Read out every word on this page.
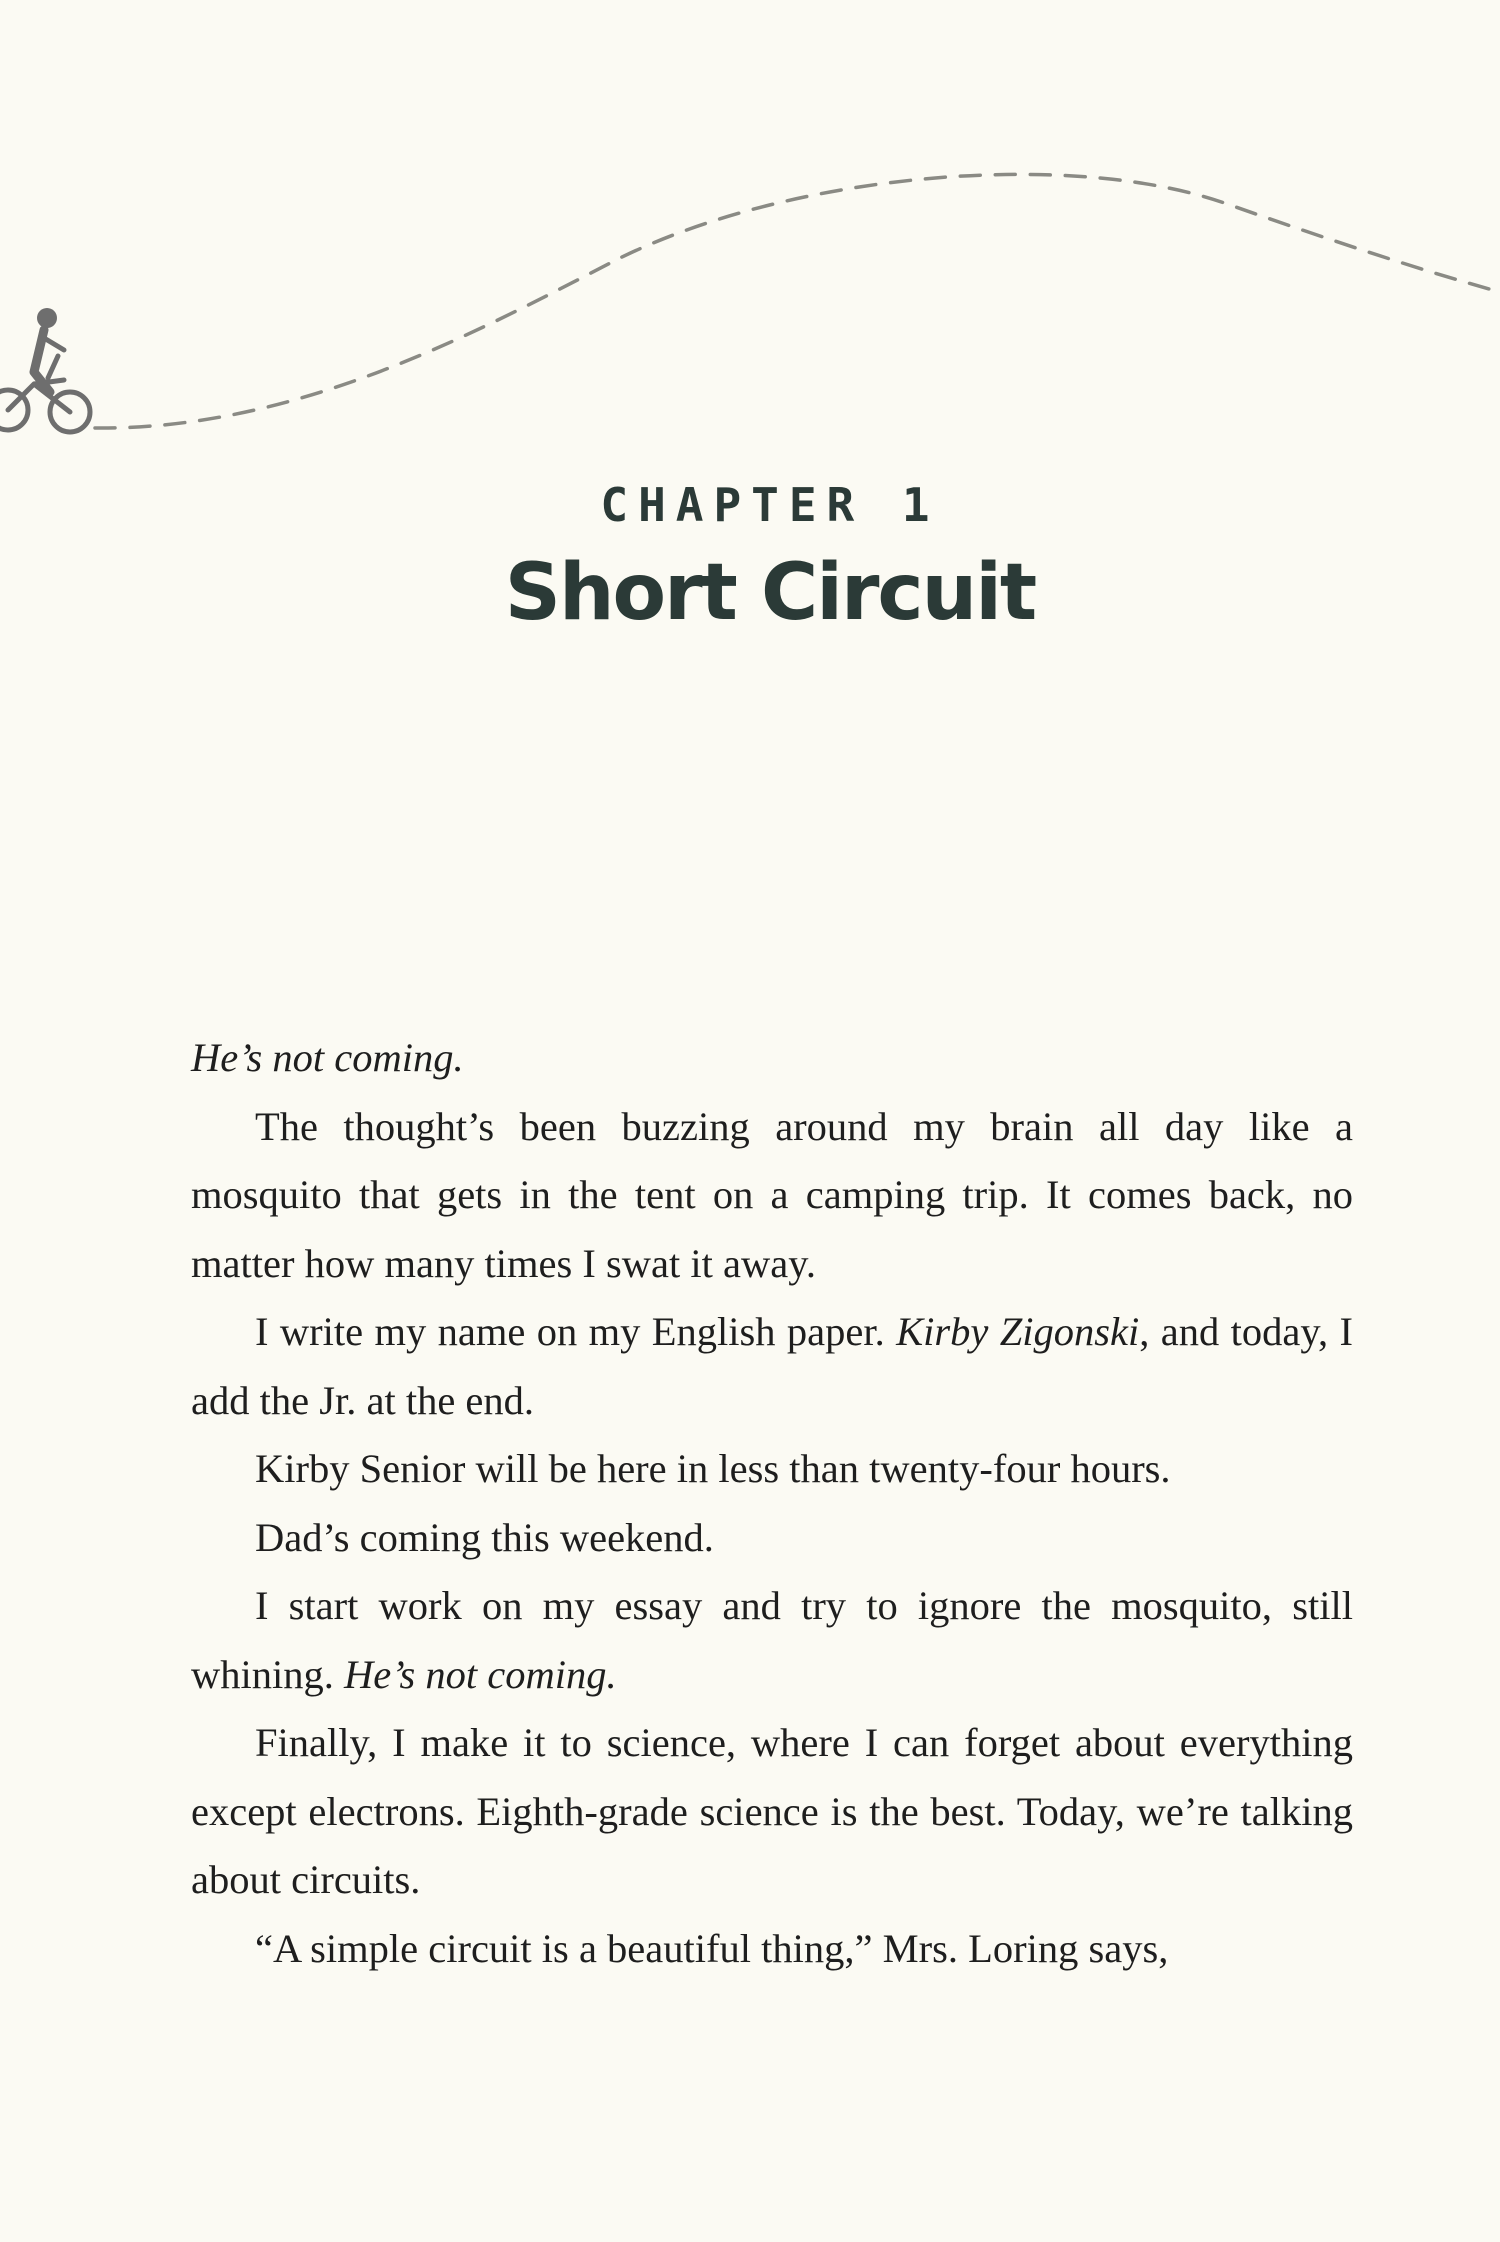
CHAPTER 1
Short Circuit

He’s not coming.

The thought’s been buzzing around my brain all day like a mosquito that gets in the tent on a camping trip. It comes back, no matter how many times I swat it away.

I write my name on my English paper. Kirby Zigonski, and today, I add the Jr. at the end.

Kirby Senior will be here in less than twenty-four hours.

Dad’s coming this weekend.

I start work on my essay and try to ignore the mosquito, still whining. He’s not coming.

Finally, I make it to science, where I can forget about everything except electrons. Eighth-grade science is the best. Today, we’re talking about circuits.

“A simple circuit is a beautiful thing,” Mrs. Loring says,
